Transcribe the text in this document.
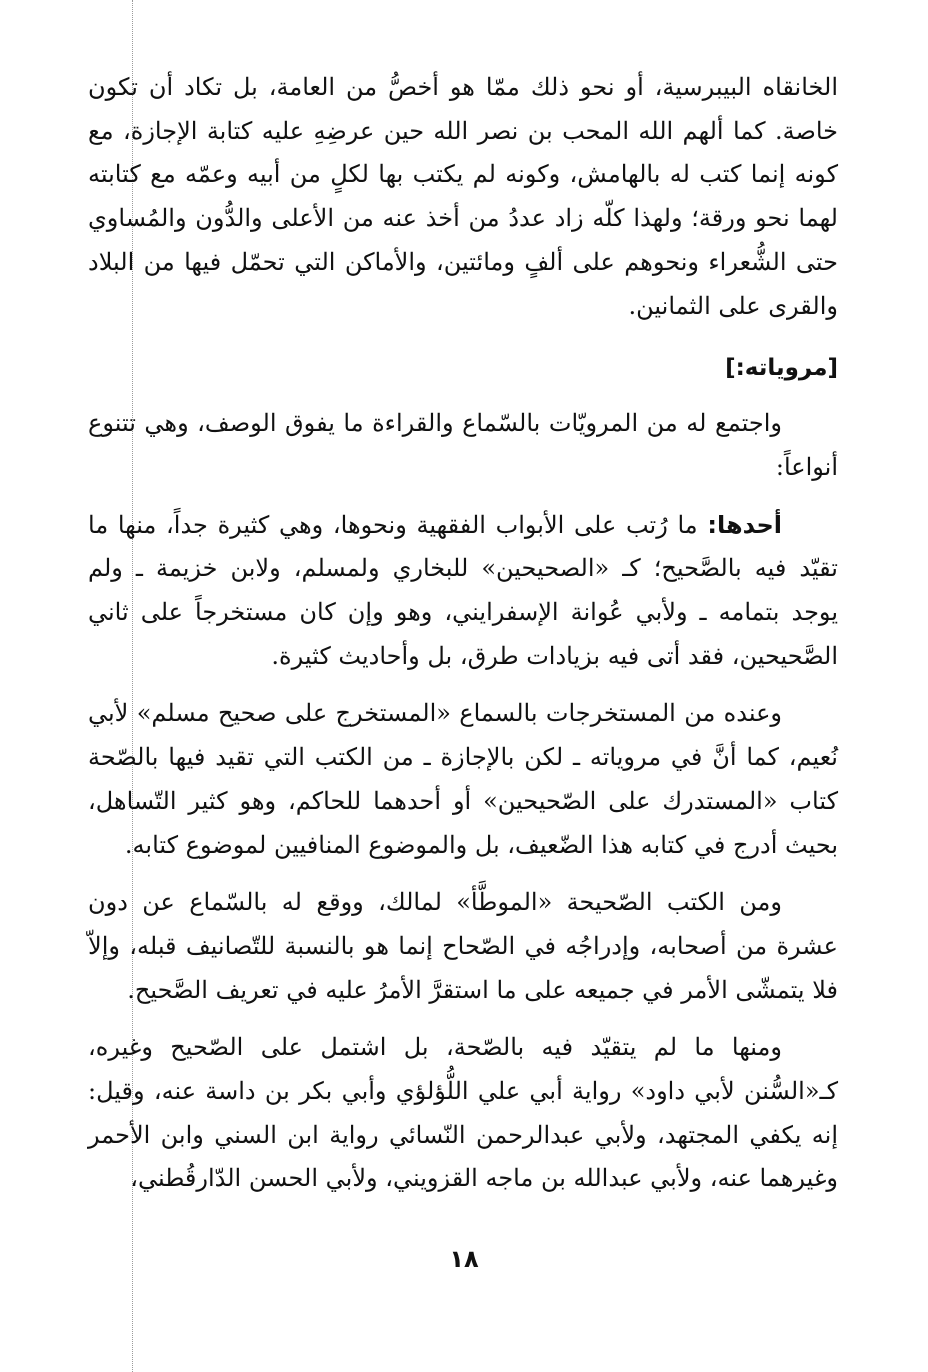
الخانقاه البيبرسية، أو نحو ذلك ممّا هو أخصُّ من العامة، بل تكاد أن تكون خاصة. كما ألهم الله المحب بن نصر الله حين عرضِهِ عليه كتابة الإجازة، مع كونه إنما كتب له بالهامش، وكونه لم يكتب بها لكلٍ من أبيه وعمّه مع كتابته لهما نحو ورقة؛ ولهذا كلّه زاد عددُ من أخذ عنه من الأعلى والدُّون والمُساوي حتى الشُّعراء ونحوهم على ألفٍ ومائتين، والأماكن التي تحمّل فيها من البلاد والقرى على الثمانين.

[مروياته:]

واجتمع له من المرويّات بالسّماع والقراءة ما يفوق الوصف، وهي تتنوع أنواعاً:

أحدها: ما رُتب على الأبواب الفقهية ونحوها، وهي كثيرة جداً، منها ما تقيّد فيه بالصَّحيح؛ كـ «الصحيحين» للبخاري ولمسلم، ولابن خزيمة ـ ولم يوجد بتمامه ـ ولأبي عُوانة الإسفرايني، وهو وإن كان مستخرجاً على ثاني الصَّحيحين، فقد أتى فيه بزيادات طرق، بل وأحاديث كثيرة.

وعنده من المستخرجات بالسماع «المستخرج على صحيح مسلم» لأبي نُعيم، كما أنَّ في مروياته ـ لكن بالإجازة ـ من الكتب التي تقيد فيها بالصّحة كتاب «المستدرك على الصّحيحين» أو أحدهما للحاكم، وهو كثير التّساهل، بحيث أدرج في كتابه هذا الضّعيف، بل والموضوع المنافيين لموضوع كتابه.

ومن الكتب الصّحيحة «الموطَّأ» لمالك، ووقع له بالسّماع عن دون عشرة من أصحابه، وإدراجُه في الصّحاح إنما هو بالنسبة للتّصانيف قبله، وإلاّ فلا يتمشّى الأمر في جميعه على ما استقرَّ الأمرُ عليه في تعريف الصَّحيح.

ومنها ما لم يتقيّد فيه بالصّحة، بل اشتمل على الصّحيح وغيره، كـ«السُّنن لأبي داود» رواية أبي علي اللُّؤلؤي وأبي بكر بن داسة عنه، وقيل: إنه يكفي المجتهد، ولأبي عبدالرحمن النّسائي رواية ابن السني وابن الأحمر وغيرهما عنه، ولأبي عبدالله بن ماجه القزويني، ولأبي الحسن الدّارقُطني،

١٨
